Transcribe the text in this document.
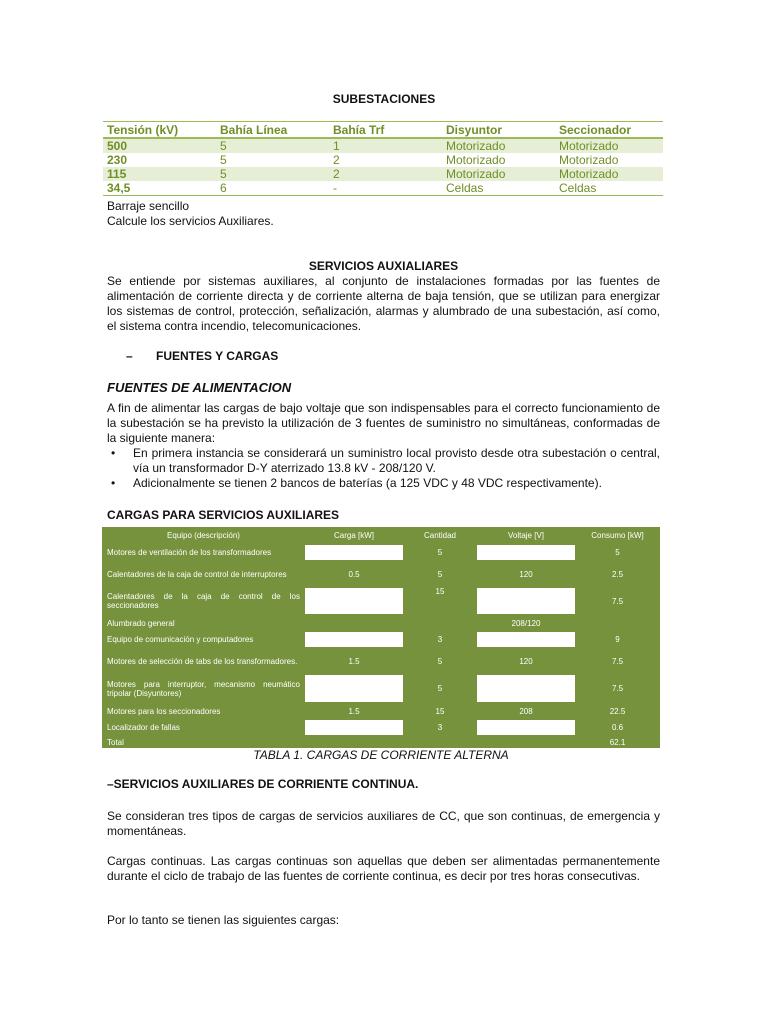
SUBESTACIONES
Tensión (kV)	Bahía Línea	Bahía Trf	Disyuntor	Seccionador
500	5	1	Motorizado	Motorizado
230	5	2	Motorizado	Motorizado
115	5	2	Motorizado	Motorizado
34,5	6	-	Celdas	Celdas
Barraje sencillo
Calcule los servicios Auxiliares.
SERVICIOS AUXIALIARES
Se entiende por sistemas auxiliares, al conjunto de instalaciones formadas por las fuentes de alimentación de corriente directa y de corriente alterna de baja tensión, que se utilizan para energizar los sistemas de control, protección, señalización, alarmas y alumbrado de una subestación, así como, el sistema contra incendio, telecomunicaciones.
–       FUENTES Y CARGAS
FUENTES DE ALIMENTACION
A fin de alimentar las cargas de bajo voltaje que son indispensables para el correcto funcionamiento de la subestación se ha previsto la utilización de 3 fuentes de suministro no simultáneas, conformadas de la siguiente manera:
• En primera instancia se considerará un suministro local provisto desde otra subestación o central, vía un transformador D-Y aterrizado 13.8 kV - 208/120 V.
• Adicionalmente se tienen 2 bancos de baterías (a 125 VDC y 48 VDC respectivamente).
CARGAS PARA SERVICIOS AUXILIARES
Equipo (descripción)	Carga [kW]	Cantidad	Voltaje [V]	Consumo [kW]
Motores de ventilación de los transformadores		5		5
Calentadores de la caja de control de interruptores	0.5	5	120	2.5
Calentadores de la caja de control de los seccionadores		15		7.5
Alumbrado general			208/120	
Equipo de comunicación y computadores		3		9
Motores de selección de tabs de los transformadores.	1.5	5	120	7.5
Motores para interruptor, mecanismo neumático tripolar (Disyuntores)		5		7.5
Motores para los seccionadores	1.5	15	208	22.5
Localizador de fallas		3		0.6
Total				62.1
TABLA 1. CARGAS DE CORRIENTE ALTERNA
–SERVICIOS AUXILIARES DE CORRIENTE CONTINUA.
Se consideran tres tipos de cargas de servicios auxiliares de CC, que son continuas, de emergencia y momentáneas.
Cargas continuas. Las cargas continuas son aquellas que deben ser alimentadas permanentemente durante el ciclo de trabajo de las fuentes de corriente continua, es decir por tres horas consecutivas.
Por lo tanto se tienen las siguientes cargas:
